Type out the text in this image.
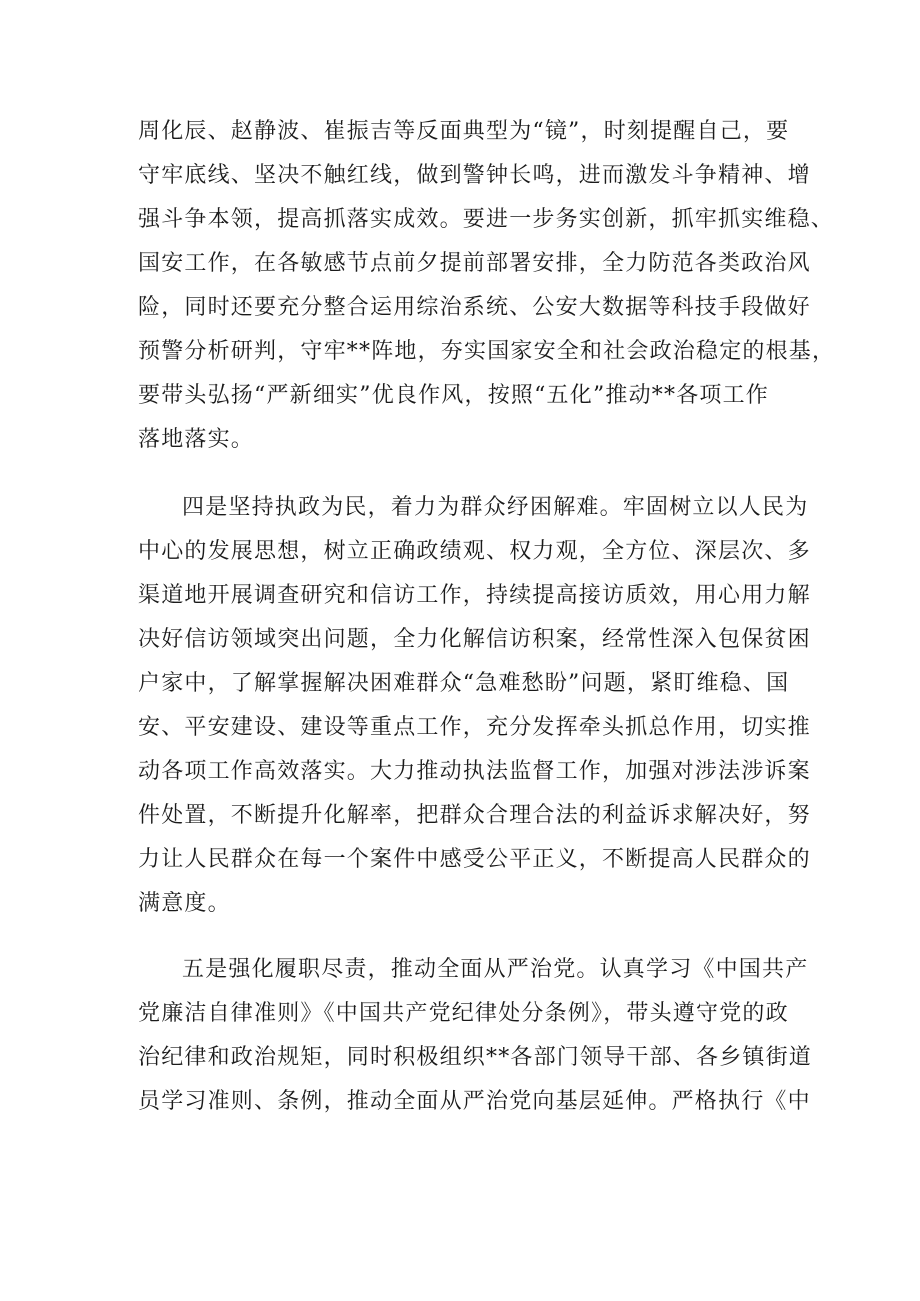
周化辰、赵静波、崔振吉等反面典型为“镜”，时刻提醒自己，要
守牢底线、坚决不触红线，做到警钟长鸣，进而激发斗争精神、增
强斗争本领，提高抓落实成效。要进一步务实创新，抓牢抓实维稳、
国安工作，在各敏感节点前夕提前部署安排，全力防范各类政治风
险，同时还要充分整合运用综治系统、公安大数据等科技手段做好
预警分析研判，守牢**阵地，夯实国家安全和社会政治稳定的根基，
要带头弘扬“严新细实”优良作风，按照“五化”推动**各项工作
落地落实。
四是坚持执政为民，着力为群众纾困解难。牢固树立以人民为
中心的发展思想，树立正确政绩观、权力观，全方位、深层次、多
渠道地开展调查研究和信访工作，持续提高接访质效，用心用力解
决好信访领域突出问题，全力化解信访积案，经常性深入包保贫困
户家中，了解掌握解决困难群众“急难愁盼”问题，紧盯维稳、国
安、平安建设、建设等重点工作，充分发挥牵头抓总作用，切实推
动各项工作高效落实。大力推动执法监督工作，加强对涉法涉诉案
件处置，不断提升化解率，把群众合理合法的利益诉求解决好，努
力让人民群众在每一个案件中感受公平正义，不断提高人民群众的
满意度。
五是强化履职尽责，推动全面从严治党。认真学习《中国共产
党廉洁自律准则》《中国共产党纪律处分条例》，带头遵守党的政
治纪律和政治规矩，同时积极组织**各部门领导干部、各乡镇街道
员学习准则、条例，推动全面从严治党向基层延伸。严格执行《中
